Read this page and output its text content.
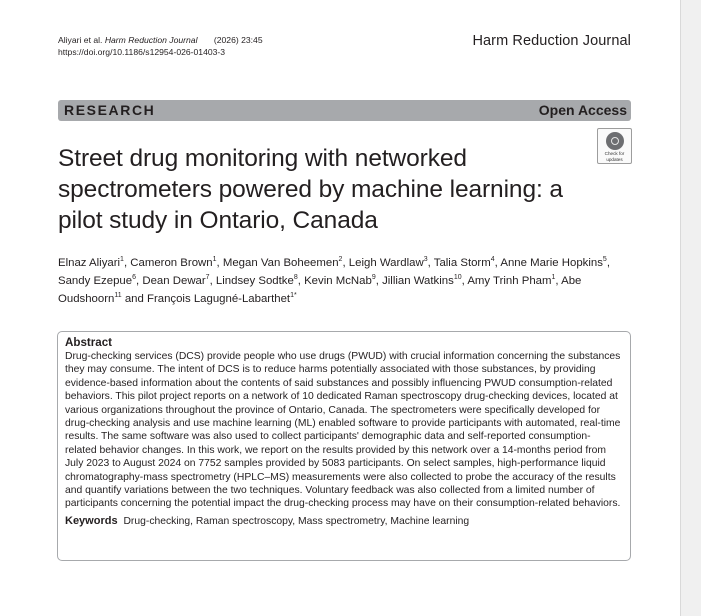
Aliyari et al. Harm Reduction Journal (2026) 23:45
https://doi.org/10.1186/s12954-026-01403-3
Harm Reduction Journal
RESEARCH	Open Access
Street drug monitoring with networked spectrometers powered by machine learning: a pilot study in Ontario, Canada
Check for
updates
Elnaz Aliyari$^1$, Cameron Brown$^1$, Megan Van Boheemen$^2$, Leigh Wardlaw$^3$, Talia Storm$^4$, Anne Marie Hopkins$^5$, Sandy Ezepue$^6$, Dean Dewar$^7$, Lindsey Sodtke$^8$, Kevin McNab$^9$, Jillian Watkins$^{10}$, Amy Trinh Pham$^1$, Abe Oudshoorn$^{11}$ and François Lagugné-Labarthet$^{1*}$
Abstract

Drug-checking services (DCS) provide people who use drugs (PWUD) with crucial information concerning the substances they may consume. The intent of DCS is to reduce harms potentially associated with those substances, by providing evidence-based information about the contents of said substances and possibly influencing PWUD consumption-related behaviors. This pilot project reports on a network of 10 dedicated Raman spectroscopy drug-checking devices, located at various organizations throughout the province of Ontario, Canada. The spectrometers were specifically developed for drug-checking analysis and use machine learning (ML) enabled software to provide participants with automated, real-time results. The same software was also used to collect participants' demographic data and self-reported consumption-related behavior changes. In this work, we report on the results provided by this network over a 14-months period from July 2023 to August 2024 on 7752 samples provided by 5083 participants. On select samples, high-performance liquid chromatography-mass spectrometry (HPLC–MS) measurements were also collected to probe the accuracy of the results and quantify variations between the two techniques. Voluntary feedback was also collected from a limited number of participants concerning the potential impact the drug-checking process may have on their consumption-related behaviors.

Keywords Drug-checking, Raman spectroscopy, Mass spectrometry, Machine learning
